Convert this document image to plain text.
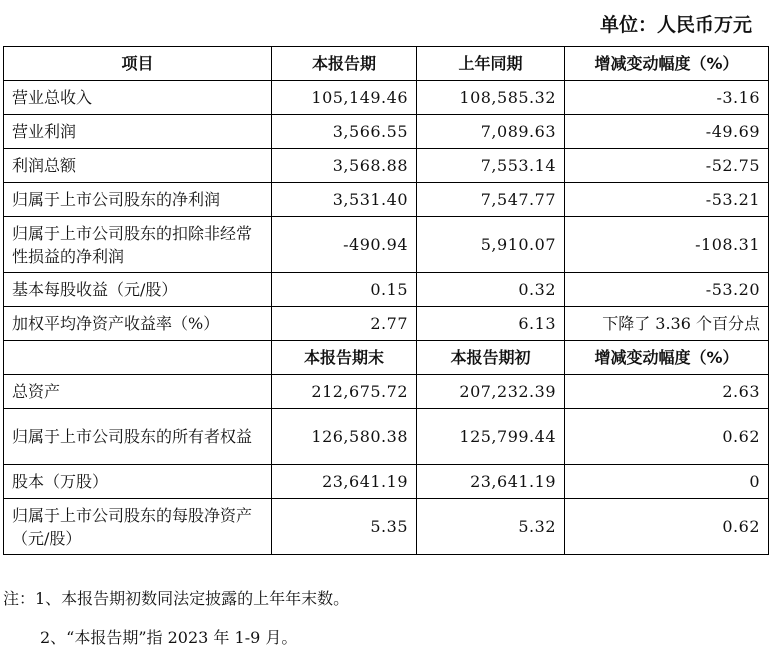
单位：人民币万元
项目	本报告期	上年同期	增减变动幅度（%）
营业总收入	105,149.46	108,585.32	-3.16
营业利润	3,566.55	7,089.63	-49.69
利润总额	3,568.88	7,553.14	-52.75
归属于上市公司股东的净利润	3,531.40	7,547.77	-53.21
归属于上市公司股东的扣除非经常性损益的净利润	-490.94	5,910.07	-108.31
基本每股收益（元/股）	0.15	0.32	-53.20
加权平均净资产收益率（%）	2.77	6.13	下降了 3.36 个百分点
	本报告期末	本报告期初	增减变动幅度（%）
总资产	212,675.72	207,232.39	2.63
归属于上市公司股东的所有者权益	126,580.38	125,799.44	0.62
股本（万股）	23,641.19	23,641.19	0
归属于上市公司股东的每股净资产（元/股）	5.35	5.32	0.62
注：1、本报告期初数同法定披露的上年年末数。
2、“本报告期”指 2023 年 1-9 月。
